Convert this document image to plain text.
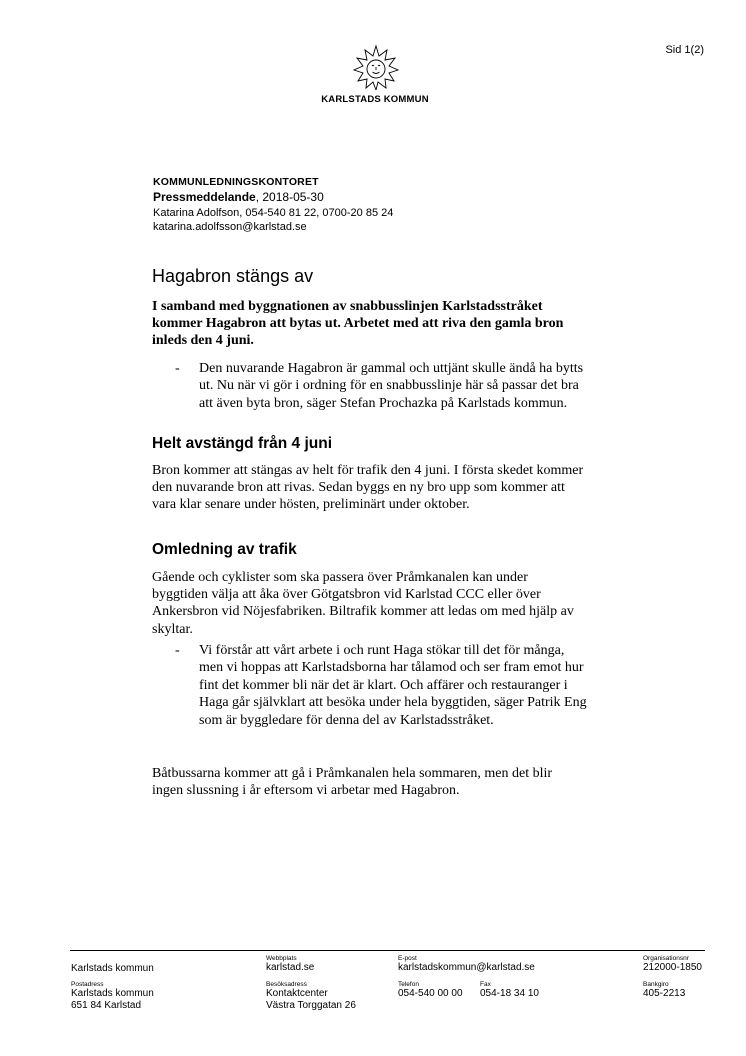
Sid 1(2)
KARLSTADS KOMMUN
KOMMUNLEDNINGSKONTORET
Pressmeddelande, 2018-05-30
Katarina Adolfson, 054-540 81 22, 0700-20 85 24
katarina.adolfsson@karlstad.se
Hagabron stängs av
I samband med byggnationen av snabbusslinjen Karlstadsstråket
kommer Hagabron att bytas ut. Arbetet med att riva den gamla bron
inleds den 4 juni.
- Den nuvarande Hagabron är gammal och uttjänt skulle ändå ha bytts
ut. Nu när vi gör i ordning för en snabbusslinje här så passar det bra
att även byta bron, säger Stefan Prochazka på Karlstads kommun.
Helt avstängd från 4 juni
Bron kommer att stängas av helt för trafik den 4 juni. I första skedet kommer
den nuvarande bron att rivas. Sedan byggs en ny bro upp som kommer att
vara klar senare under hösten, preliminärt under oktober.
Omledning av trafik
Gående och cyklister som ska passera över Pråmkanalen kan under
byggtiden välja att åka över Götgatsbron vid Karlstad CCC eller över
Ankersbron vid Nöjesfabriken. Biltrafik kommer att ledas om med hjälp av
skyltar.
- Vi förstår att vårt arbete i och runt Haga stökar till det för många,
men vi hoppas att Karlstadsborna har tålamod och ser fram emot hur
fint det kommer bli när det är klart. Och affärer och restauranger i
Haga går självklart att besöka under hela byggtiden, säger Patrik Eng
som är byggledare för denna del av Karlstadsstråket.
Båtbussarna kommer att gå i Pråmkanalen hela sommaren, men det blir
ingen slussning i år eftersom vi arbetar med Hagabron.
Karlstads kommun
Webbplats
karlstad.se
E-post
karlstadskommun@karlstad.se
Organisationsnr
212000-1850
Postadress
Karlstads kommun
651 84 Karlstad
Besöksadress
Kontaktcenter
Västra Torggatan 26
Telefon
054-540 00 00
Fax
054-18 34 10
Bankgiro
405-2213
